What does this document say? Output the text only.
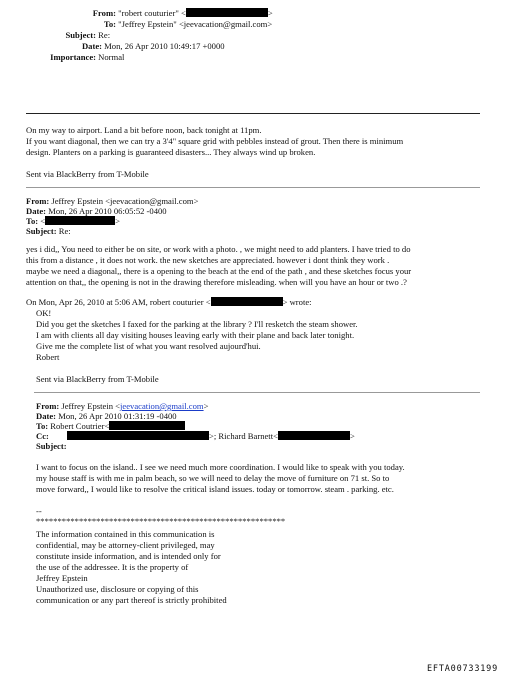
From: "robert couturier" <	>
To: "Jeffrey Epstein" <jeevacation@gmail.com>
Subject: Re:
Date: Mon, 26 Apr 2010 10:49:17 +0000
Importance: Normal
On my way to airport. Land a bit before noon, back tonight at 11pm.
If you want diagonal, then we can try a 3'4" square grid with pebbles instead of grout. Then there is minimum
design. Planters on a parking is guaranteed disasters... They always wind up broken.
Sent via BlackBerry from T-Mobile
From: Jeffrey Epstein <jeevacation@gmail.com>
Date: Mon, 26 Apr 2010 06:05:52 -0400
To: <	>
Subject: Re:
yes i did,, You need to either be on site, or work with a photo. , we might need to add planters. I have tried to do
this from a distance , it does not work. the new sketches are appreciated. however i dont think they work .
maybe we need a diagonal,, there is a opening to the beach at the end of the path , and these sketches focus your
attention on that,, the opening is not in the drawing therefore misleading. when will you have an hour or two .?
On Mon, Apr 26, 2010 at 5:06 AM, robert couturier <	> wrote:
OK!
Did you get the sketches I faxed for the parking at the library ? I'll resketch the steam shower.
I am with clients all day visiting houses leaving early with their plane and back later tonight.
Give me the complete list of what you want resolved aujourd'hui.
Robert
Sent via BlackBerry from T-Mobile
From: Jeffrey Epstein <jeevacation@gmail.com>
Date: Mon, 26 Apr 2010 01:31:19 -0400
To: Robert Coutrier<
Cc:	>; Richard Barnett<	>
Subject:
I want to focus on the island.. I see we need much more coordination. I would like to speak with you today.
my house staff is with me in palm beach, so we will need to delay the move of furniture on 71 st. So to
move forward,, I would like to resolve the critical island issues. today or tomorrow. steam . parking. etc.
--
**********************************************************
The information contained in this communication is
confidential, may be attorney-client privileged, may
constitute inside information, and is intended only for
the use of the addressee. It is the property of
Jeffrey Epstein
Unauthorized use, disclosure or copying of this
communication or any part thereof is strictly prohibited
EFTA00733199
